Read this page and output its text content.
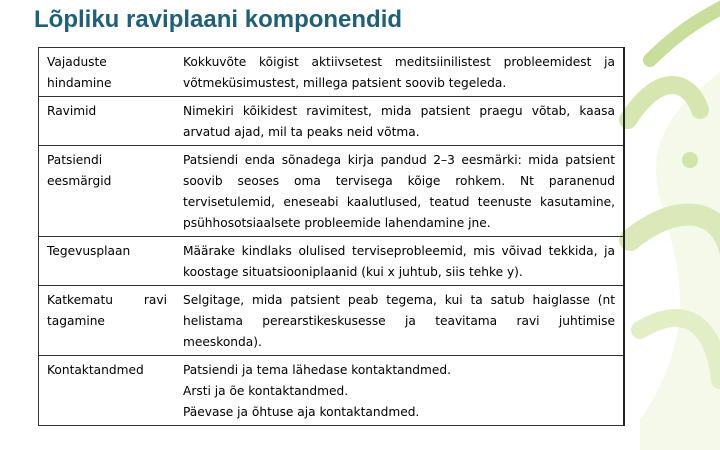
Lõpliku raviplaani komponendid
Vajaduste hindamine	Kokkuvõte kõigist aktiivsetest meditsiinilistest probleemidest ja võtmeküsimustest, millega patsient soovib tegeleda.
Ravimid	Nimekiri kõikidest ravimitest, mida patsient praegu võtab, kaasa arvatud ajad, mil ta peaks neid võtma.
Patsiendi eesmärgid	Patsiendi enda sõnadega kirja pandud 2–3 eesmärki: mida patsient soovib seoses oma tervisega kõige rohkem. Nt paranenud tervisetulemid, eneseabi kaalutlused, teatud teenuste kasutamine, psühhosotsiaalsete probleemide lahendamine jne.
Tegevusplaan	Määrake kindlaks olulised terviseprobleemid, mis võivad tekkida, ja koostage situatsiooniplaanid (kui x juhtub, siis tehke y).
Katkematu ravi tagamine	Selgitage, mida patsient peab tegema, kui ta satub haiglasse (nt helistama perearstikeskusesse ja teavitama ravi juhtimise meeskonda).
Kontaktandmed	Patsiendi ja tema lähedase kontaktandmed.
Arsti ja õe kontaktandmed.
Päevase ja õhtuse aja kontaktandmed.
